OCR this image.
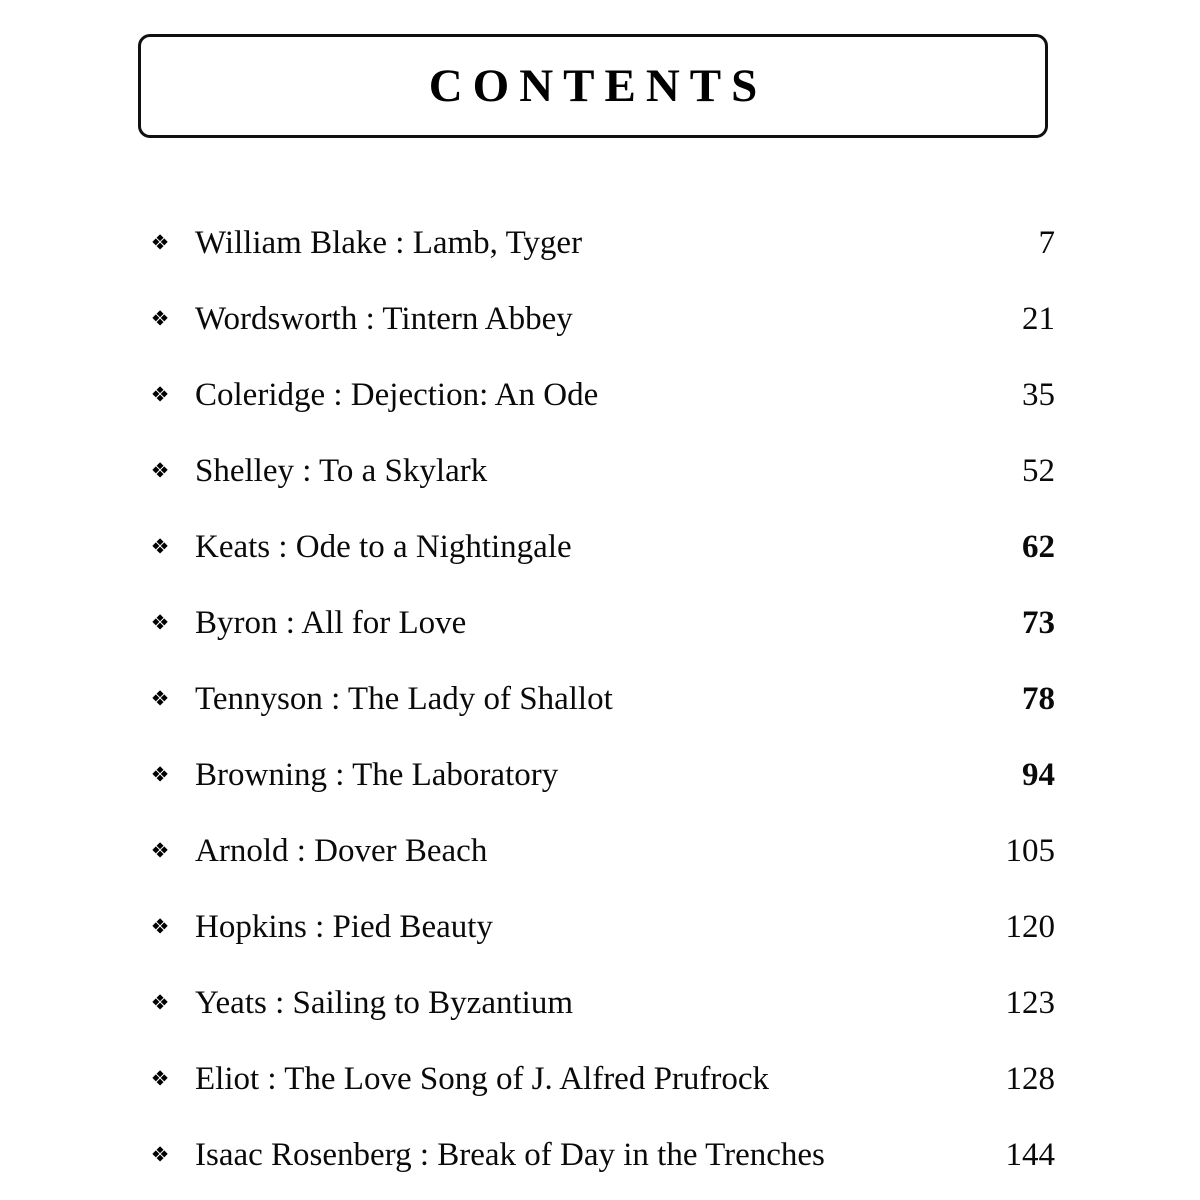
CONTENTS
❖ William Blake : Lamb, Tyger	7
❖ Wordsworth : Tintern Abbey	21
❖ Coleridge : Dejection: An Ode	35
❖ Shelley : To a Skylark	52
❖ Keats : Ode to a Nightingale	62
❖ Byron : All for Love	73
❖ Tennyson : The Lady of Shallot	78
❖ Browning : The Laboratory	94
❖ Arnold : Dover Beach	105
❖ Hopkins : Pied Beauty	120
❖ Yeats : Sailing to Byzantium	123
❖ Eliot : The Love Song of J. Alfred Prufrock	128
❖ Isaac Rosenberg : Break of Day in the Trenches	144
